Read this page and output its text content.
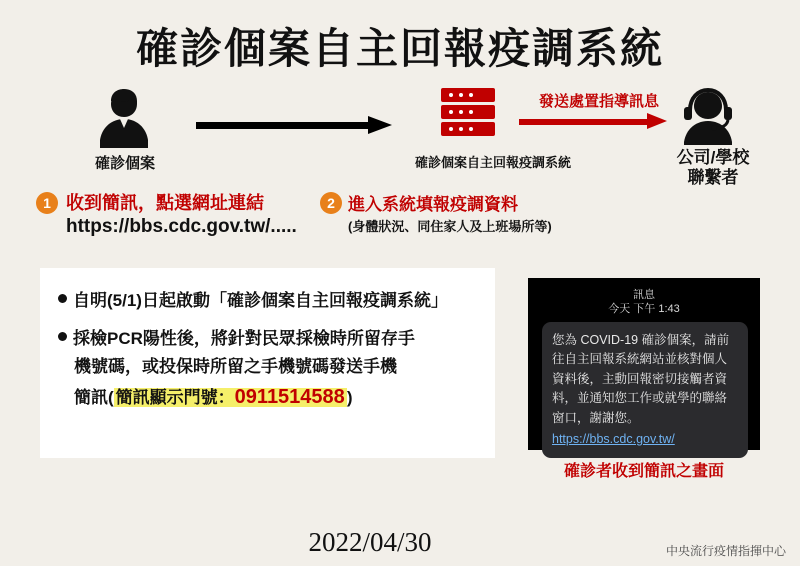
確診個案自主回報疫調系統
確診個案	確診個案自主回報疫調系統
發送處置指導訊息
公司/學校
聯繫者
1 收到簡訊，點選網址連結
https://bbs.cdc.gov.tw/.....
2 進入系統填報疫調資料
(身體狀況、同住家人及上班場所等)
自明(5/1)日起啟動「確診個案自主回報疫調系統」
採檢PCR陽性後，將針對民眾採檢時所留存手
機號碼，或投保時所留之手機號碼發送手機
簡訊( 簡訊顯示門號：0911514588 )
訊息
今天 下午 1:43
您為 COVID-19 確診個案，請前往自主回報系統網站並核對個人資料後，主動回報密切接觸者資料，並通知您工作或就學的聯絡窗口，謝謝您。 https://bbs.cdc.gov.tw/
確診者收到簡訊之畫面
2022/04/30	中央流行疫情指揮中心
